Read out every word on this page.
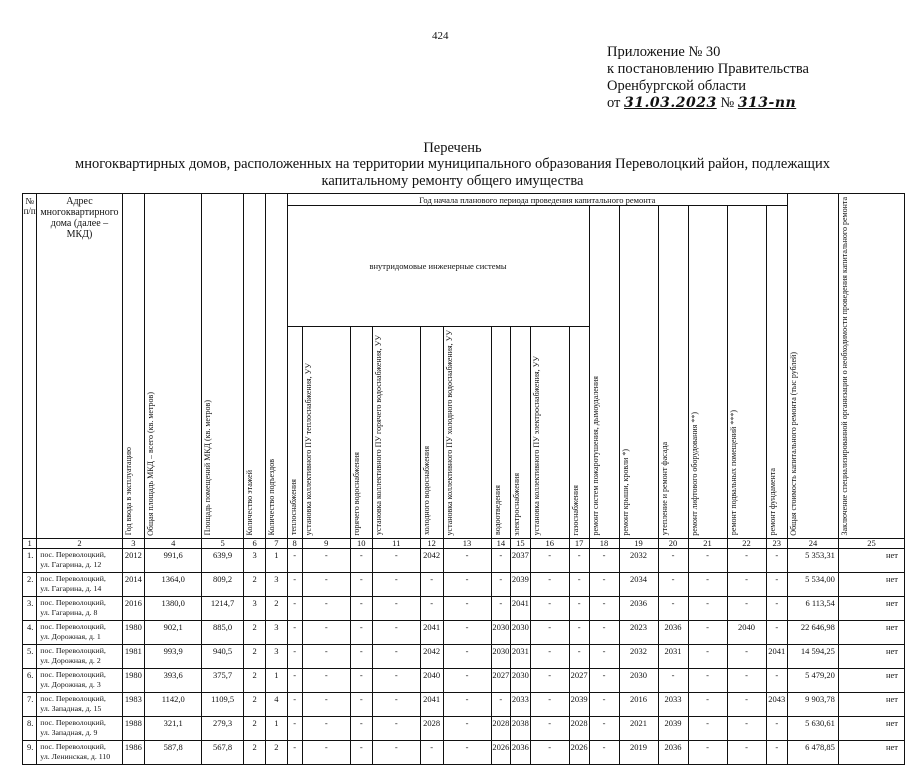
424
Приложение № 30
к постановлению Правительства
Оренбургской области
от 31.03.2023 № 313-пп
Перечень
многоквартирных домов, расположенных на территории муниципального образования Переволоцкий район, подлежащих
капитальному ремонту общего имущества
№ п/п	Адрес многоквартирного дома (далее – МКД)	Год ввода в эксплуатацию	Общая площадь МКД – всего (кв. метров)	Площадь помещений МКД (кв. метров)	Количество этажей	Количество подъездов	Год начала планового периода проведения капитального ремонта																Общая стоимость капитального ремонта (тыс рублей)	Заключение специализированной организации о необходимости проведения капитального ремонта

							внутридомовые инженерные системы										ремонт систем пожаротушения, дымоудаления	ремонт крыши, кровли *)	утепление и ремонт фасада	ремонт лифтового оборудования **)	ремонт подвальных помещений ***)	ремонт фундамента		

							теплоснабжения	установка коллективного ПУ теплоснабжения, УУ	горячего водоснабжения	установка коллективного ПУ горячего водоснабжения, УУ	холодного водоснабжения	установка коллективного ПУ холодного водоснабжения, УУ	водоотведения	электроснабжения	установка коллективного ПУ электроснабжения, УУ	газоснабжения								

1	2	3	4	5	6	7	8	9	10	11	12	13	14	15	16	17	18	19	20	21	22	23	24	25
1.	пос. Переволоцкий,
ул. Гагарина, д. 12	2012	991,6	639,9	3	1	-	-	-	-	2042	-	-	2037	-	-	-	2032	-	-	-	-	5 353,31	нет
2.	пос. Переволоцкий,
ул. Гагарина, д. 14	2014	1364,0	809,2	2	3	-	-	-	-	-	-	-	2039	-	-	-	2034	-	-	-	-	5 534,00	нет
3.	пос. Переволоцкий,
ул. Гагарина, д. 8	2016	1380,0	1214,7	3	2	-	-	-	-	-	-	-	2041	-	-	-	2036	-	-	-	-	6 113,54	нет
4.	пос. Переволоцкий,
ул. Дорожная, д. 1	1980	902,1	885,0	2	3	-	-	-	-	2041	-	2030	2030	-	-	-	2023	2036	-	2040	-	22 646,98	нет
5.	пос. Переволоцкий,
ул. Дорожная, д. 2	1981	993,9	940,5	2	3	-	-	-	-	2042	-	2030	2031	-	-	-	2032	2031	-	-	2041	14 594,25	нет
6.	пос. Переволоцкий,
ул. Дорожная, д. 3	1980	393,6	375,7	2	1	-	-	-	-	2040	-	2027	2030	-	2027	-	2030	-	-	-	-	5 479,20	нет
7.	пос. Переволоцкий,
ул. Западная, д. 15	1983	1142,0	1109,5	2	4	-	-	-	-	2041	-	-	2033	-	2039	-	2016	2033	-	-	2043	9 903,78	нет
8.	пос. Переволоцкий,
ул. Западная, д. 9	1988	321,1	279,3	2	1	-	-	-	-	2028	-	2028	2038	-	2028	-	2021	2039	-	-	-	5 630,61	нет
9.	пос. Переволоцкий,
ул. Ленинская, д. 110	1986	587,8	567,8	2	2	-	-	-	-	-	-	2026	2036	-	2026	-	2019	2036	-	-	-	6 478,85	нет
